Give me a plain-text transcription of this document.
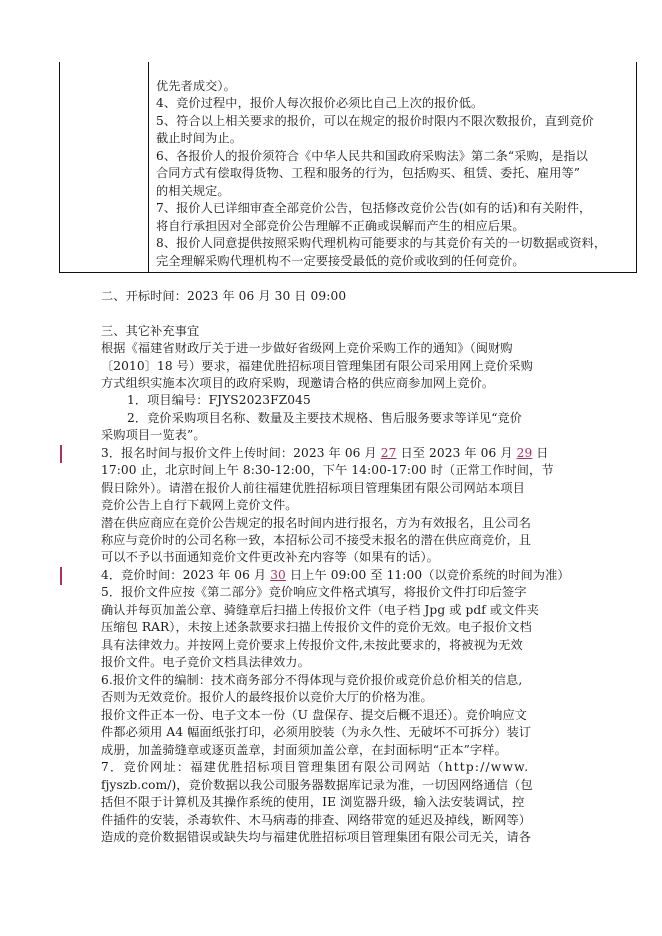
优先者成交）。
4、竞价过程中，报价人每次报价必须比自己上次的报价低。
5、符合以上相关要求的报价，可以在规定的报价时限内不限次数报价，直到竞价
截止时间为止。
6、各报价人的报价须符合《中华人民共和国政府采购法》第二条“采购，是指以
合同方式有偿取得货物、工程和服务的行为，包括购买、租赁、委托、雇用等”
的相关规定。
7、报价人已详细审查全部竞价公告，包括修改竞价公告(如有的话)和有关附件，
将自行承担因对全部竞价公告理解不正确或误解而产生的相应后果。
8、报价人同意提供按照采购代理机构可能要求的与其竞价有关的一切数据或资料，
完全理解采购代理机构不一定要接受最低的竞价或收到的任何竞价。
二、开标时间：2023 年 06 月 30 日 09:00
三、其它补充事宜
根据《福建省财政厅关于进一步做好省级网上竞价采购工作的通知》（闽财购
〔2010〕18 号）要求，福建优胜招标项目管理集团有限公司采用网上竞价采购
方式组织实施本次项目的政府采购，现邀请合格的供应商参加网上竞价。
1．项目编号：FJYS2023FZ045
2．竞价采购项目名称、数量及主要技术规格、售后服务要求等详见“竞价
采购项目一览表”。
3．报名时间与报价文件上传时间：2023 年 06 月 27 日至 2023 年 06 月 29 日
17:00 止，北京时间上午 8:30-12:00，下午 14:00-17:00 时（正常工作时间，节
假日除外）。请潜在报价人前往福建优胜招标项目管理集团有限公司网站本项目
竞价公告上自行下载网上竞价文件。
潜在供应商应在竞价公告规定的报名时间内进行报名，方为有效报名，且公司名
称应与竞价时的公司名称一致，本招标公司不接受未报名的潜在供应商竞价，且
可以不予以书面通知竞价文件更改补充内容等（如果有的话）。
4．竞价时间：2023 年 06 月 30 日上午 09:00 至 11:00（以竞价系统的时间为准）
5．报价文件应按《第二部分》竞价响应文件格式填写，将报价文件打印后签字
确认并每页加盖公章、骑缝章后扫描上传报价文件（电子档 Jpg 或 pdf 或文件夹
压缩包 RAR），未按上述条款要求扫描上传报价文件的竞价无效。电子报价文档
具有法律效力。并按网上竞价要求上传报价文件,未按此要求的，将被视为无效
报价文件。电子竞价文档具法律效力。
6.报价文件的编制：技术商务部分不得体现与竞价报价或竞价总价相关的信息,
否则为无效竞价。报价人的最终报价以竞价大厅的价格为准。
报价文件正本一份、电子文本一份（U 盘保存、提交后概不退还）。竞价响应文
件都必须用 A4 幅面纸张打印，必须用胶装（为永久性、无破坏不可拆分）装订
成册，加盖骑缝章或逐页盖章，封面须加盖公章，在封面标明“正本”字样。
7．竞价网址：福建优胜招标项目管理集团有限公司网站（http://www.
fjyszb.com/)，竞价数据以我公司服务器数据库记录为准，一切因网络通信（包
括但不限于计算机及其操作系统的使用，IE 浏览器升级，输入法安装调试，控
件插件的安装，杀毒软件、木马病毒的排查、网络带宽的延迟及掉线，断网等）
造成的竞价数据错误或缺失均与福建优胜招标项目管理集团有限公司无关，请各
